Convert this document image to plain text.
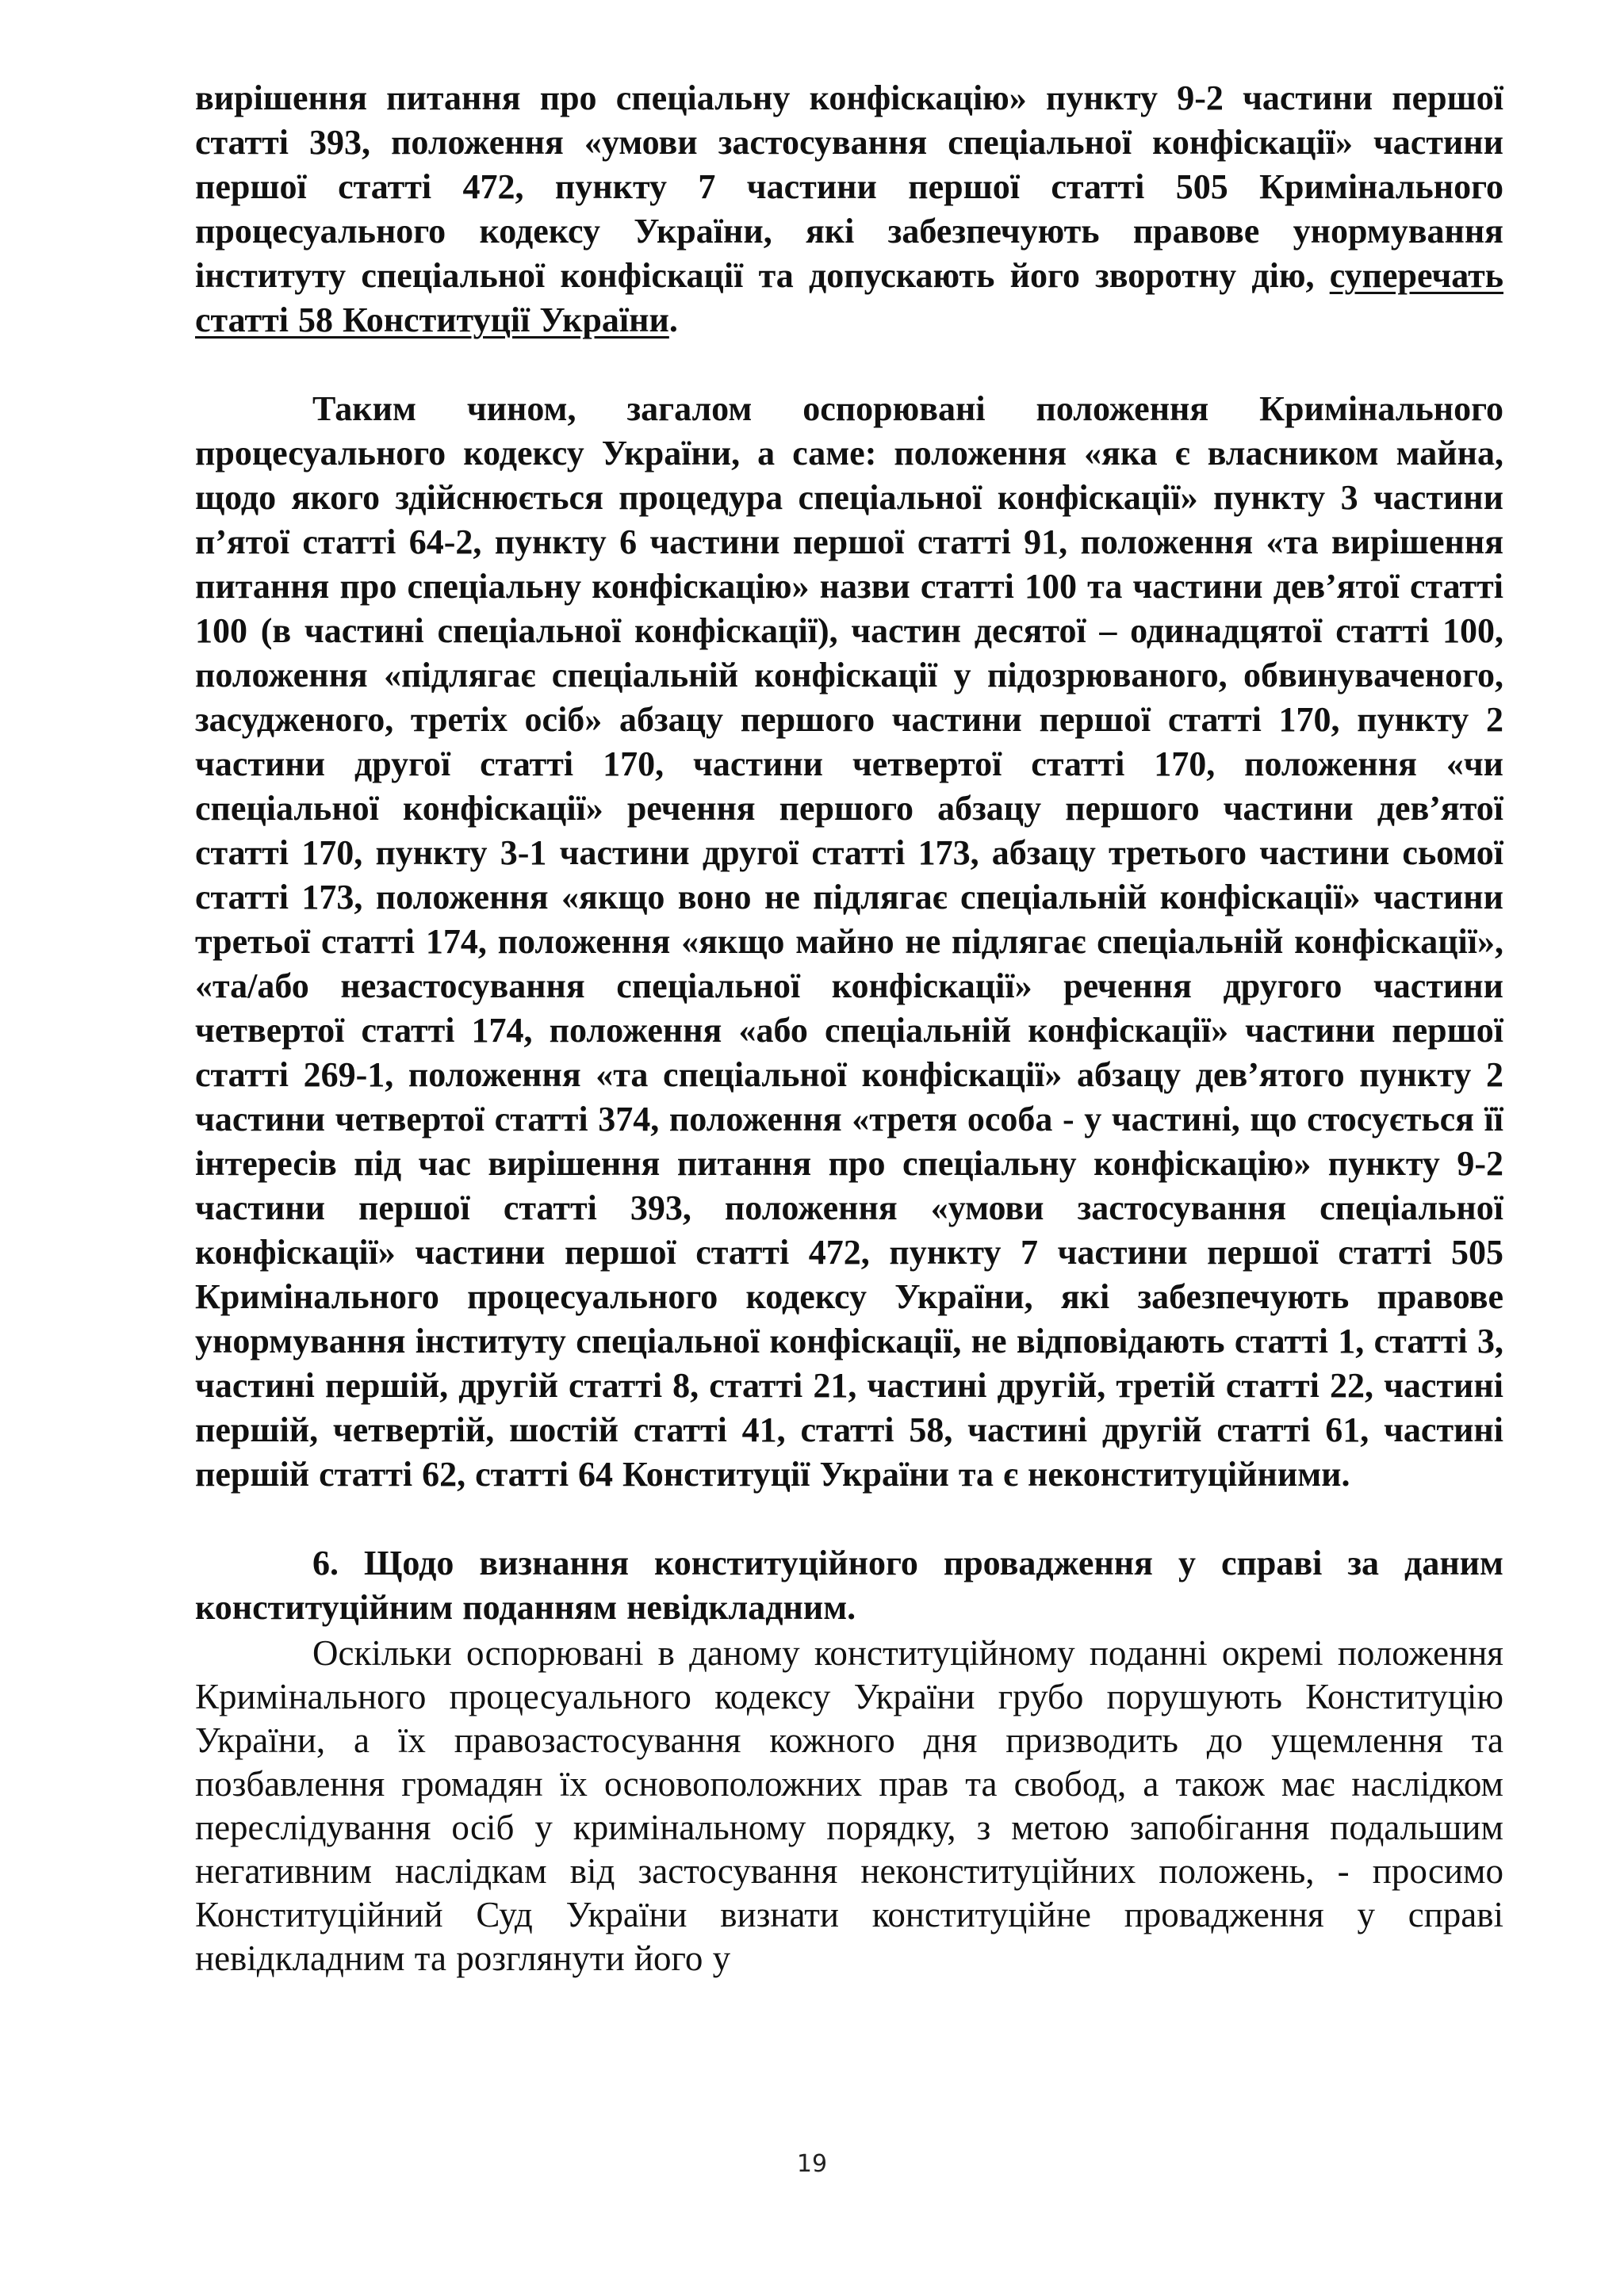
вирішення питання про спеціальну конфіскацію» пункту 9-2 частини першої статті 393, положення «умови застосування спеціальної конфіскації» частини першої статті 472, пункту 7 частини першої статті 505 Кримінального процесуального кодексу України, які забезпечують правове унормування інституту спеціальної конфіскації та допускають його зворотну дію, суперечать статті 58 Конституції України.

Таким чином, загалом оспорювані положення Кримінального процесуального кодексу України, а саме: положення «яка є власником майна, щодо якого здійснюється процедура спеціальної конфіскації» пункту 3 частини п’ятої статті 64-2, пункту 6 частини першої статті 91, положення «та вирішення питання про спеціальну конфіскацію» назви статті 100 та частини дев’ятої статті 100 (в частині спеціальної конфіскації), частин десятої – одинадцятої статті 100, положення «підлягає спеціальній конфіскації у підозрюваного, обвинуваченого, засудженого, третіх осіб» абзацу першого частини першої статті 170, пункту 2 частини другої статті 170, частини четвертої статті 170, положення «чи спеціальної конфіскації» речення першого абзацу першого частини дев’ятої статті 170, пункту 3-1 частини другої статті 173, абзацу третього частини сьомої статті 173, положення «якщо воно не підлягає спеціальній конфіскації» частини третьої статті 174, положення «якщо майно не підлягає спеціальній конфіскації», «та/або незастосування спеціальної конфіскації» речення другого частини четвертої статті 174, положення «або спеціальній конфіскації» частини першої статті 269-1, положення «та спеціальної конфіскації» абзацу дев’ятого пункту 2 частини четвертої статті 374, положення «третя особа - у частині, що стосується її інтересів під час вирішення питання про спеціальну конфіскацію» пункту 9-2 частини першої статті 393, положення «умови застосування спеціальної конфіскації» частини першої статті 472, пункту 7 частини першої статті 505 Кримінального процесуального кодексу України, які забезпечують правове унормування інституту спеціальної конфіскації, не відповідають статті 1, статті 3, частині першій, другій статті 8, статті 21, частині другій, третій статті 22, частині першій, четвертій, шостій статті 41, статті 58, частині другій статті 61, частині першій статті 62, статті 64 Конституції України та є неконституційними.

6. Щодо визнання конституційного провадження у справі за даним конституційним поданням невідкладним.

Оскільки оспорювані в даному конституційному поданні окремі положення Кримінального процесуального кодексу України грубо порушують Конституцію України, а їх правозастосування кожного дня призводить до ущемлення та позбавлення громадян їх основоположних прав та свобод, а також має наслідком переслідування осіб у кримінальному порядку, з метою запобігання подальшим негативним наслідкам від застосування неконституційних положень, - просимо Конституційний Суд України визнати конституційне провадження у справі невідкладним та розглянути його у

19
